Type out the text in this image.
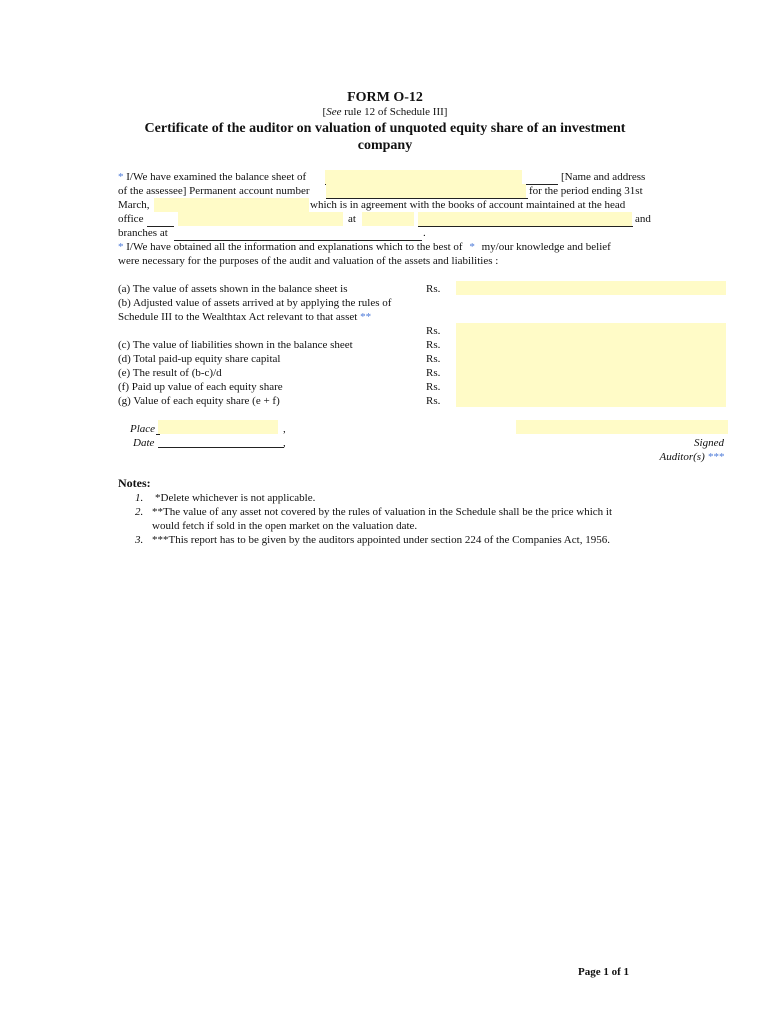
FORM O-12
[See rule 12 of Schedule III]
Certificate of the auditor on valuation of unquoted equity share of an investment
company
* I/We have examined the balance sheet of	[Name and address
of the assessee] Permanent account number	for the period ending 31st
March,	which is in agreement with the books of account maintained at the head
office	at	and
branches at	.
* I/We have obtained all the information and explanations which to the best of * my/our knowledge and belief
were necessary for the purposes of the audit and valuation of the assets and liabilities :
(a) The value of assets shown in the balance sheet is	Rs.
(b) Adjusted value of assets arrived at by applying the rules of
Schedule III to the Wealthtax Act relevant to that asset **
Rs.
(c) The value of liabilities shown in the balance sheet	Rs.
(d) Total paid-up equity share capital	Rs.
(e) The result of (b-c)/d	Rs.
(f) Paid up value of each equity share	Rs.
(g) Value of each equity share (e + f)	Rs.
Place	,
Date	,	Signed
Auditor(s) ***
Notes:
1. *Delete whichever is not applicable.
2. **The value of any asset not covered by the rules of valuation in the Schedule shall be the price which it
would fetch if sold in the open market on the valuation date.
3. ***This report has to be given by the auditors appointed under section 224 of the Companies Act, 1956.
Page 1 of 1
